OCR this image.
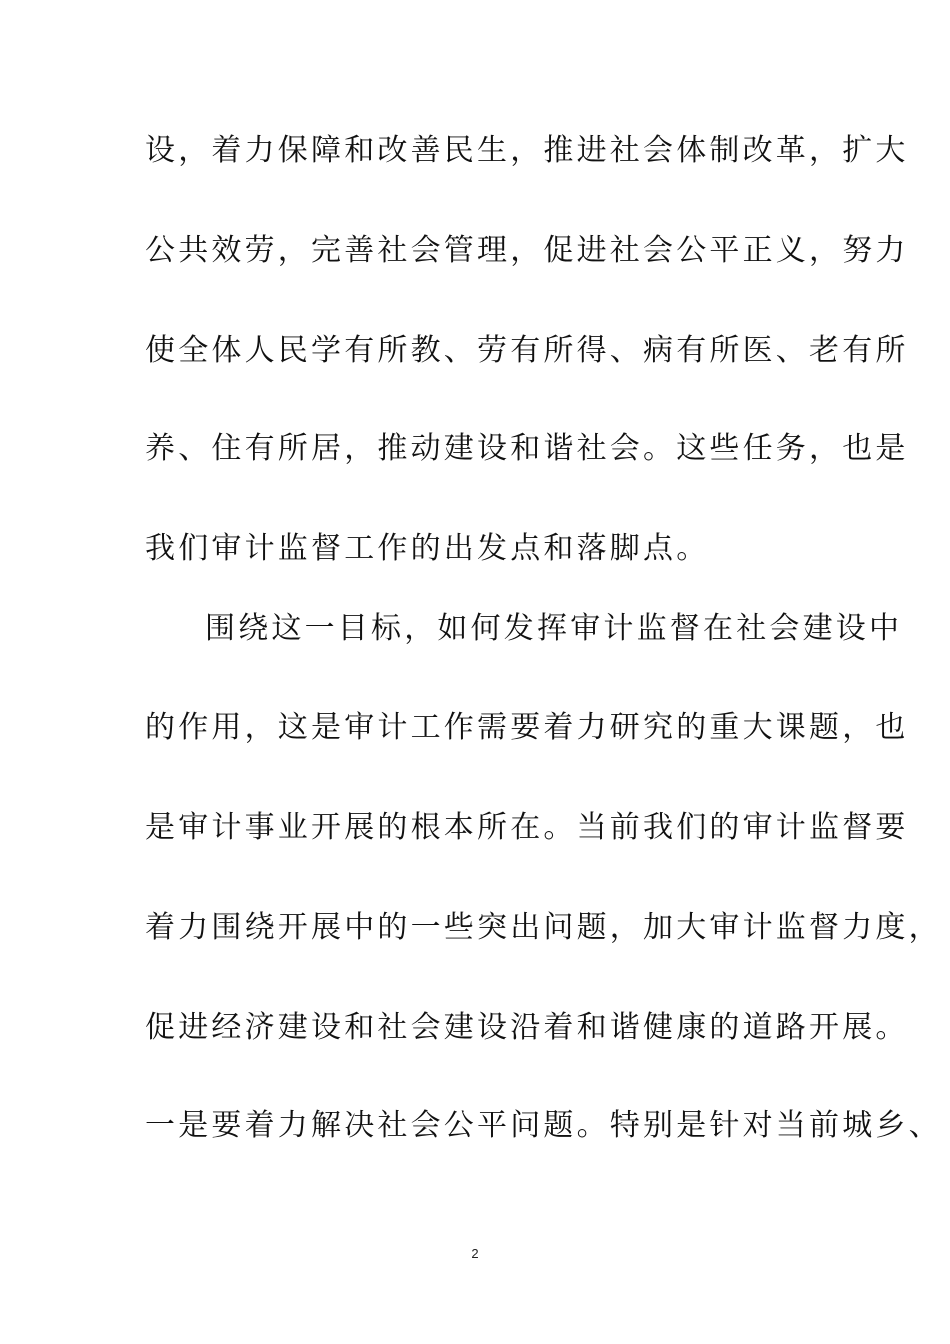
设，着力保障和改善民生，推进社会体制改革，扩大
公共效劳，完善社会管理，促进社会公平正义，努力
使全体人民学有所教、劳有所得、病有所医、老有所
养、住有所居，推动建设和谐社会。这些任务，也是
我们审计监督工作的出发点和落脚点。
围绕这一目标，如何发挥审计监督在社会建设中
的作用，这是审计工作需要着力研究的重大课题，也
是审计事业开展的根本所在。当前我们的审计监督要
着力围绕开展中的一些突出问题，加大审计监督力度，
促进经济建设和社会建设沿着和谐健康的道路开展。
一是要着力解决社会公平问题。特别是针对当前城乡、
2
